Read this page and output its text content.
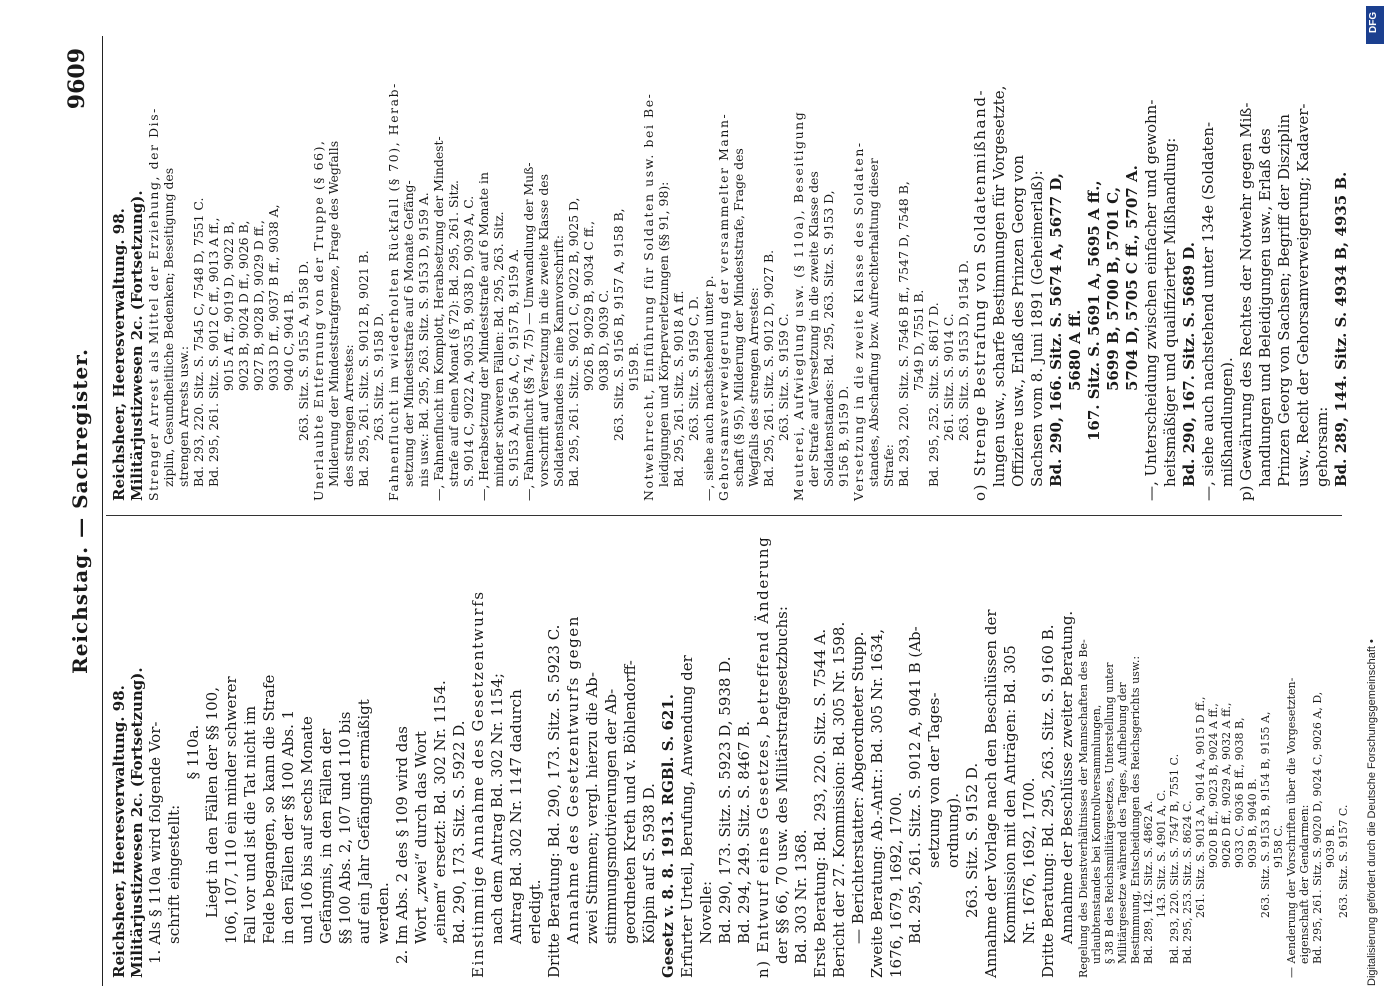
Reichstag. — Sachregister.
9609

Reichsheer, Heeresverwaltung. 98. Militärjustizwesen 2c. (Fortsetzung). 1. Als § 110a wird folgende Vor- schrift eingestellt:

§ 110a. Liegt in den Fällen der §§ 100, 106, 107, 110 ein minder schwerer Fall vor und ist die Tat nicht im Felde begangen, so kann die Strafe in den Fällen der §§ 100 Abs. 1 und 106 bis auf sechs Monate Gefängnis, in den Fällen der §§ 100 Abs. 2, 107 und 110 bis auf ein Jahr Gefängnis ermäßigt werden. 2. Im Abs. 2 des § 109 wird das Wort „zwei“ durch das Wort „einem“ ersetzt: Bd. 302 Nr. 1154. Bd. 290, 173. Sitz. S. 5922 D. Einstimmige Annahme des Gesetzentwurfs nach dem Antrag Bd. 302 Nr. 1154; Antrag Bd. 302 Nr. 1147 dadurch erledigt. Dritte Beratung: Bd. 290, 173. Sitz. S. 5923 C. Annahme des Gesetzentwurfs gegen zwei Stimmen; vergl. hierzu die Ab- stimmungsmotivierungen der Ab- geordneten Kreth und v. Böhlendorff- Kölpin auf S. 5938 D. Gesetz v. 8. 8. 1913. RGBl. S. 621. Erfurter Urteil, Berufung, Anwendung der Novelle: Bd. 290, 173. Sitz. S. 5923 D, 5938 D. Bd. 294, 249. Sitz. S. 8467 B. n) Entwurf eines Gesetzes, betreffend Änderung der §§ 66, 70 usw. des Militärstrafgesetzbuchs: Bd. 303 Nr. 1368. Erste Beratung: Bd. 293, 220. Sitz. S. 7544 A. Bericht der 27. Kommission: Bd. 305 Nr. 1598. — Berichterstatter: Abgeordneter Stupp. Zweite Beratung: Ab.-Antr.: Bd. 305 Nr. 1634, 1676, 1679, 1692, 1700. Bd. 295, 261. Sitz. S. 9012 A, 9041 B (Ab- setzung von der Tages- ordnung). 263. Sitz. S. 9152 D. Annahme der Vorlage nach den Beschlüssen der Kommission mit den Anträgen: Bd. 305 Nr. 1676, 1692, 1700. Dritte Beratung: Bd. 295, 263. Sitz. S. 9160 B. Annahme der Beschlüsse zweiter Beratung. Regelung des Dienstverhältnisses der Mannschaften des Be- urlaubtenstandes bei Kontrollversammlungen, § 38 B des Reichsmilitärgesetzes, Unterstellung unter Militärgesetze während des Tages, Aufhebung der Bestimmung, Entscheidungen des Reichsgerichts usw.: Bd. 289, 142. Sitz. S. 4862 A. 143. Sitz. S. 4901 A, C. Bd. 293, 220. Sitz. S. 7547 B, 7551 C. Bd. 295, 253. Sitz. S. 8624 C. 261. Sitz. S. 9013 A, 9014 A, 9015 D ff., 9020 B ff., 9023 B, 9024 A ff., 9026 D ff., 9029 A, 9032 A ff., 9033 C, 9036 B ff., 9038 B, 9039 B, 9040 B. 263. Sitz. S. 9153 B, 9154 B, 9155 A, 9158 C. — Aenderung der Vorschriften über die Vorgesetzten- eigenschaft der Gendarmen: Bd. 295, 261. Sitz. S. 9020 D, 9024 C, 9026 A, D, 9039 B. 263. Sitz. S. 9157 C.

Reichsheer, Heeresverwaltung. 98. Militärjustizwesen 2c. (Fortsetzung). Strenger Arrest als Mittel der Erziehung, der Dis- ziplin, Gesundheitliche Bedenken; Beseitigung des strengen Arrests usw.: Bd. 293, 220. Sitz. S. 7545 C, 7548 D, 7551 C. Bd. 295, 261. Sitz. S. 9012 C ff., 9013 A ff., 9015 A ff., 9019 D, 9022 B, 9023 B, 9024 D ff., 9026 B, 9027 B, 9028 D, 9029 D ff., 9033 D ff., 9037 B ff., 9038 A, 9040 C, 9041 B. 263. Sitz. S. 9155 A, 9158 D. Unerlaubte Entfernung von der Truppe (§ 66), Milderung der Mindeststrafgrenze, Frage des Wegfalls des strengen Arrestes: Bd. 295, 261. Sitz. S. 9012 B, 9021 B. 263. Sitz. S. 9158 D. Fahnenflucht im wiederholten Rückfall (§ 70), Herab- setzung der Mindeststrafe auf 6 Monate Gefäng- nis usw.: Bd. 295, 263. Sitz. S. 9153 D, 9159 A. —, Fahnenflucht im Komplott, Herabsetzung der Mindest- strafe auf einen Monat (§ 72): Bd. 295, 261. Sitz. S. 9014 C, 9022 A, 9035 B, 9038 D, 9039 A, C. —, Herabsetzung der Mindeststrafe auf 6 Monate in minder schweren Fällen: Bd. 295, 263. Sitz. S. 9153 A, 9156 A, C, 9157 B, 9159 A. —, Fahnenflucht (§§ 74, 75) — Umwandlung der Muß- vorschrift auf Versetzung in die zweite Klasse des Soldatenstandes in eine Kannvorschrift: Bd. 295, 261. Sitz. S. 9021 C, 9022 B, 9025 D, 9026 B, 9029 B, 9034 C ff., 9038 D, 9039 C. 263. Sitz. S. 9156 B, 9157 A, 9158 B, 9159 B. Notwehrrecht, Einführung für Soldaten usw. bei Be- leidigungen und Körperverletzungen (§§ 91, 98): Bd. 295, 261. Sitz. S. 9018 A ff. 263. Sitz. S. 9159 C, D. —, siehe auch nachstehend unter p. Gehorsamsverweigerung der versammelter Mann- schaft (§ 95), Milderung der Mindeststrafe, Frage des Wegfalls des strengen Arrestes: Bd. 295, 261. Sitz. S. 9012 D, 9027 B. 263. Sitz. S. 9159 C. Meuterei, Aufwieglung usw. (§ 110a), Beseitigung der Strafe auf Versetzung in die zweite Klasse des Soldatenstandes: Bd. 295, 263. Sitz. S. 9153 D, 9156 B, 9159 D. Versetzung in die zweite Klasse des Soldaten- standes, Abschaffung bzw. Aufrechterhaltung dieser Strafe: Bd. 293, 220. Sitz. S. 7546 B ff., 7547 D, 7548 B, 7549 D, 7551 B. Bd. 295, 252. Sitz. S. 8617 D. 261. Sitz. S. 9014 C. 263. Sitz. S. 9153 D, 9154 D. o) Strenge Bestrafung von Soldatenmißhand- lungen usw., scharfe Bestimmungen für Vorgesetzte, Offiziere usw., Erlaß des Prinzen Georg von Sachsen vom 8. Juni 1891 (Geheimerlaß): Bd. 290, 166. Sitz. S. 5674 A, 5677 D, 5680 A ff. 167. Sitz. S. 5691 A, 5695 A ff., 5699 B, 5700 B, 5701 C, 5704 D, 5705 C ff., 5707 A. —, Unterscheidung zwischen einfacher und gewohn- heitsmäßiger und qualifizierter Mißhandlung: Bd. 290, 167. Sitz. S. 5689 D. —, siehe auch nachstehend unter 134e (Soldaten- mißhandlungen). p) Gewährung des Rechtes der Notwehr gegen Miß- handlungen und Beleidigungen usw., Erlaß des Prinzen Georg von Sachsen; Begriff der Disziplin usw., Recht der Gehorsamverweigerung; Kadaver- gehorsam: Bd. 289, 144. Sitz. S. 4934 B, 4935 B.

Digitalisierung gefördert durch die Deutsche Forschungsgemeinschaft •
DFG
